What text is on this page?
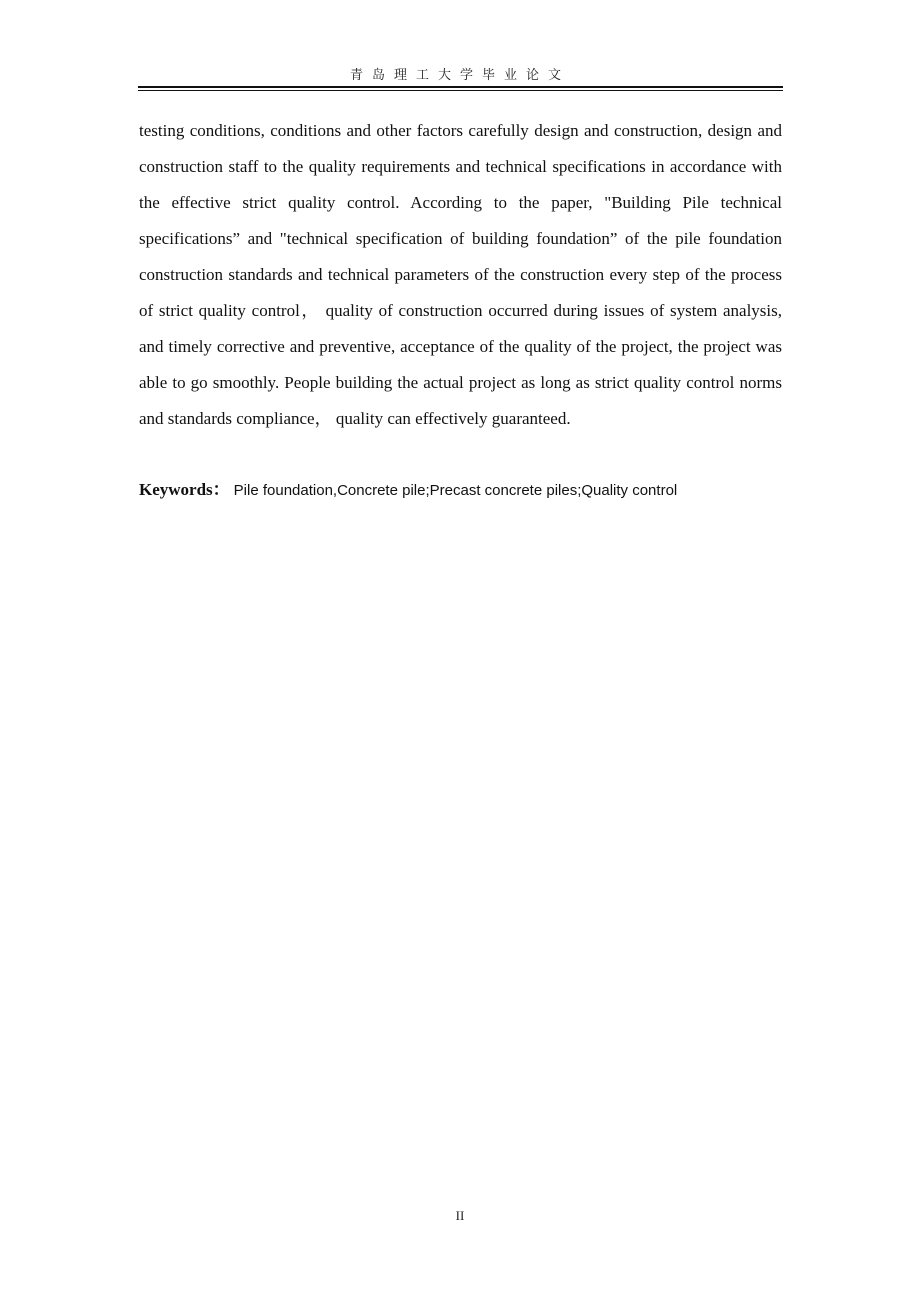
青岛理工大学毕业论文

testing conditions, conditions and other factors carefully design and construction, design and construction staff to the quality requirements and technical specifications in accordance with the effective strict quality control. According to the paper, "Building Pile technical specifications” and "technical specification of building foundation” of the pile foundation construction standards and technical parameters of the construction every step of the process of strict quality control， quality of construction occurred during issues of system analysis, and timely corrective and preventive, acceptance of the quality of the project, the project was able to go smoothly. People building the actual project as long as strict quality control norms and standards compliance， quality can effectively guaranteed.

Keywords： Pile foundation,Concrete pile;Precast concrete piles;Quality control

II
